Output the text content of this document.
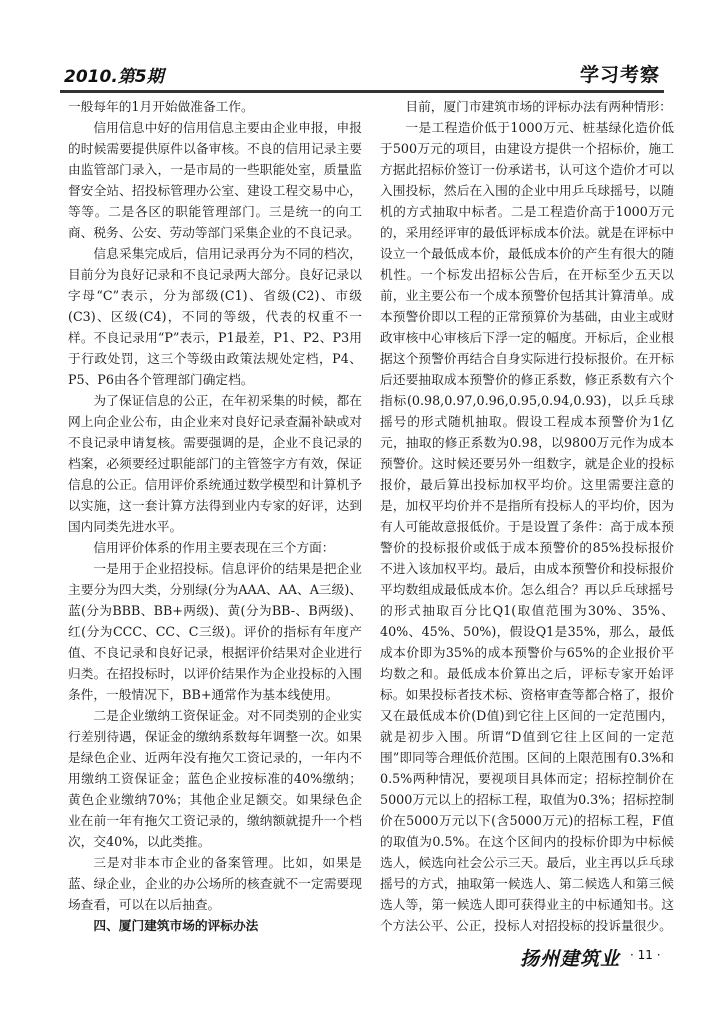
2010.第5期	学习考察

一般每年的1月开始做准备工作。

信用信息中好的信用信息主要由企业申报，申报的时候需要提供原件以备审核。不良的信用记录主要由监管部门录入，一是市局的一些职能处室，质量监督安全站、招投标管理办公室、建设工程交易中心，等等。二是各区的职能管理部门。三是统一的向工商、税务、公安、劳动等部门采集企业的不良记录。

信息采集完成后，信用记录再分为不同的档次，目前分为良好记录和不良记录两大部分。良好记录以字母“C”表示，分为部级(C1)、省级(C2)、市级(C3)、区级(C4)，不同的等级，代表的权重不一样。不良记录用“P”表示，P1最差，P1、P2、P3用于行政处罚，这三个等级由政策法规处定档，P4、P5、P6由各个管理部门确定档。

为了保证信息的公正，在年初采集的时候，都在网上向企业公布，由企业来对良好记录查漏补缺或对不良记录申请复核。需要强调的是，企业不良记录的档案，必须要经过职能部门的主管签字方有效，保证信息的公正。信用评价系统通过数学模型和计算机予以实施，这一套计算方法得到业内专家的好评，达到国内同类先进水平。

信用评价体系的作用主要表现在三个方面：

一是用于企业招投标。信息评价的结果是把企业主要分为四大类，分别绿(分为AAA、AA、A三级)、蓝(分为BBB、BB+两级)、黄(分为BB-、B两级)、红(分为CCC、CC、C三级)。评价的指标有年度产值、不良记录和良好记录，根据评价结果对企业进行归类。在招投标时，以评价结果作为企业投标的入围条件，一般情况下，BB+通常作为基本线使用。

二是企业缴纳工资保证金。对不同类别的企业实行差别待遇，保证金的缴纳系数每年调整一次。如果是绿色企业、近两年没有拖欠工资记录的，一年内不用缴纳工资保证金；蓝色企业按标准的40%缴纳；黄色企业缴纳70%；其他企业足额交。如果绿色企业在前一年有拖欠工资记录的，缴纳额就提升一个档次，交40%，以此类推。

三是对非本市企业的备案管理。比如，如果是蓝、绿企业，企业的办公场所的核查就不一定需要现场查看，可以在以后抽查。

四、厦门建筑市场的评标办法

目前，厦门市建筑市场的评标办法有两种情形：

一是工程造价低于1000万元、桩基绿化造价低于500万元的项目，由建设方提供一个招标价，施工方据此招标价签订一份承诺书，认可这个造价才可以入围投标，然后在入围的企业中用乒乓球摇号，以随机的方式抽取中标者。二是工程造价高于1000万元的，采用经评审的最低评标成本价法。就是在评标中设立一个最低成本价，最低成本价的产生有很大的随机性。一个标发出招标公告后，在开标至少五天以前，业主要公布一个成本预警价包括其计算清单。成本预警价即以工程的正常预算价为基础，由业主或财政审核中心审核后下浮一定的幅度。开标后，企业根据这个预警价再结合自身实际进行投标报价。在开标后还要抽取成本预警价的修正系数，修正系数有六个指标(0.98,0.97,0.96,0.95,0.94,0.93)，以乒乓球摇号的形式随机抽取。假设工程成本预警价为1亿元，抽取的修正系数为0.98，以9800万元作为成本预警价。这时候还要另外一组数字，就是企业的投标报价，最后算出投标加权平均价。这里需要注意的是，加权平均价并不是指所有投标人的平均价，因为有人可能故意报低价。于是设置了条件：高于成本预警价的投标报价或低于成本预警价的85%投标报价不进入该加权平均。最后，由成本预警价和投标报价平均数组成最低成本价。怎么组合？再以乒乓球摇号的形式抽取百分比Q1(取值范围为30%、35%、40%、45%、50%)，假设Q1是35%，那么，最低成本价即为35%的成本预警价与65%的企业报价平均数之和。最低成本价算出之后，评标专家开始评标。如果投标者技术标、资格审查等都合格了，报价又在最低成本价(D值)到它往上区间的一定范围内，就是初步入围。所谓“D值到它往上区间的一定范围”即同等合理低价范围。区间的上限范围有0.3%和0.5%两种情况，要视项目具体而定；招标控制价在5000万元以上的招标工程，取值为0.3%；招标控制价在5000万元以下(含5000万元)的招标工程，F值的取值为0.5%。在这个区间内的投标价即为中标候选人，候选向社会公示三天。最后，业主再以乒乓球摇号的方式，抽取第一候选人、第二候选人和第三候选人等，第一候选人即可获得业主的中标通知书。这个方法公平、公正，投标人对招投标的投诉量很少。

扬州建筑业 · 11 ·
